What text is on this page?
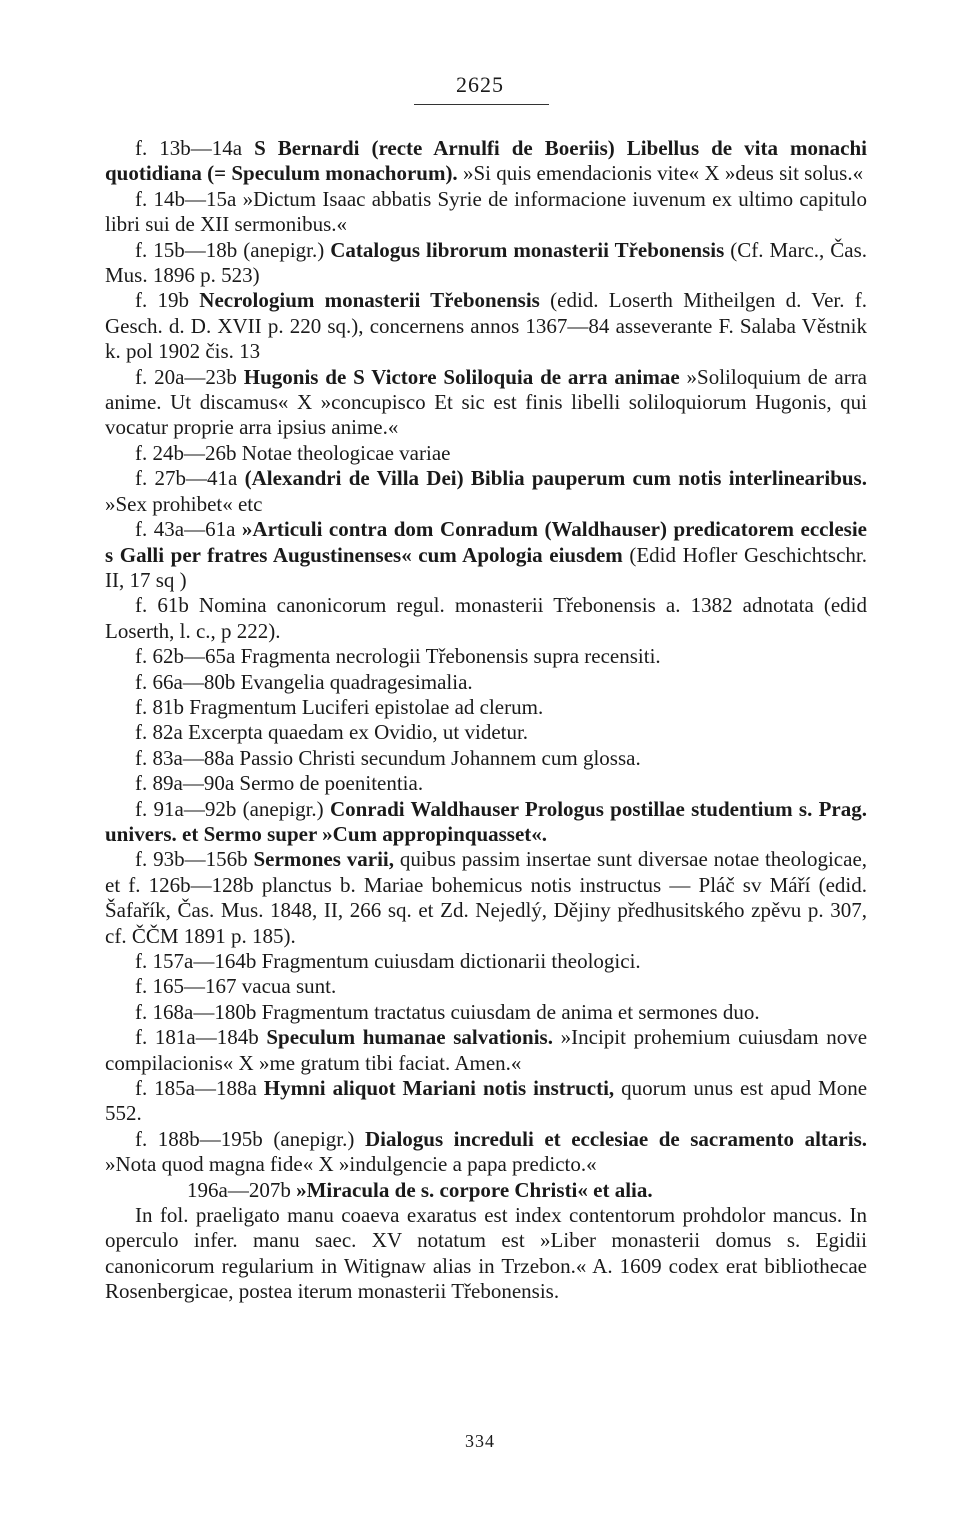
2625

f. 13b—14a S Bernardi (recte Arnulfi de Boeriis) Libellus de vita monachi quotidiana (= Speculum monachorum). »Si quis emendacionis vite« X »deus sit solus.«

f. 14b—15a »Dictum Isaac abbatis Syrie de informacione iuvenum ex ultimo capitulo libri sui de XII sermonibus.«

f. 15b—18b (anepigr.) Catalogus librorum monasterii Třebonensis (Cf. Marc., Čas. Mus. 1896 p. 523)

f. 19b Necrologium monasterii Třebonensis (edid. Loserth Mitheilgen d. Ver. f. Gesch. d. D. XVII p. 220 sq.), concernens annos 1367—84 asseverante F. Salaba Věstnik k. pol 1902 čis. 13

f. 20a—23b Hugonis de S Victore Soliloquia de arra animae »Soliloquium de arra anime. Ut discamus« X »concupisco Et sic est finis libelli soliloquiorum Hugonis, qui vocatur proprie arra ipsius anime.«

f. 24b—26b Notae theologicae variae

f. 27b—41a (Alexandri de Villa Dei) Biblia pauperum cum notis interlinearibus. »Sex prohibet« etc

f. 43a—61a »Articuli contra dom Conradum (Waldhauser) predicatorem ecclesie s Galli per fratres Augustinenses« cum Apologia eiusdem (Edid Hofler Geschichtschr. II, 17 sq )

f. 61b Nomina canonicorum regul. monasterii Třebonensis a. 1382 adnotata (edid Loserth, l. c., p 222).

f. 62b—65a Fragmenta necrologii Třebonensis supra recensiti.

f. 66a—80b Evangelia quadragesimalia.

f. 81b Fragmentum Luciferi epistolae ad clerum.

f. 82a Excerpta quaedam ex Ovidio, ut videtur.

f. 83a—88a Passio Christi secundum Johannem cum glossa.

f. 89a—90a Sermo de poenitentia.

f. 91a—92b (anepigr.) Conradi Waldhauser Prologus postillae studentium s. Prag. univers. et Sermo super »Cum appropinquasset«.

f. 93b—156b Sermones varii, quibus passim insertae sunt diversae notae theologicae, et f. 126b—128b planctus b. Mariae bohemicus notis instructus — Pláč sv Máří (edid. Šafařík, Čas. Mus. 1848, II, 266 sq. et Zd. Nejedlý, Dějiny předhusitského zpěvu p. 307, cf. ČČM 1891 p. 185).

f. 157a—164b Fragmentum cuiusdam dictionarii theologici.

f. 165—167 vacua sunt.

f. 168a—180b Fragmentum tractatus cuiusdam de anima et sermones duo.

f. 181a—184b Speculum humanae salvationis. »Incipit prohemium cuiusdam nove compilacionis« X »me gratum tibi faciat. Amen.«

f. 185a—188a Hymni aliquot Mariani notis instructi, quorum unus est apud Mone 552.

f. 188b—195b (anepigr.) Dialogus increduli et ecclesiae de sacramento altaris. »Nota quod magna fide« X »indulgencie a papa predicto.«

196a—207b »Miracula de s. corpore Christi« et alia.

In fol. praeligato manu coaeva exaratus est index contentorum prohdolor mancus. In operculo infer. manu saec. XV notatum est »Liber monasterii domus s. Egidii canonicorum regularium in Witignaw alias in Trzebon.« A. 1609 codex erat bibliothecae Rosenbergicae, postea iterum monasterii Třebonensis.

334
